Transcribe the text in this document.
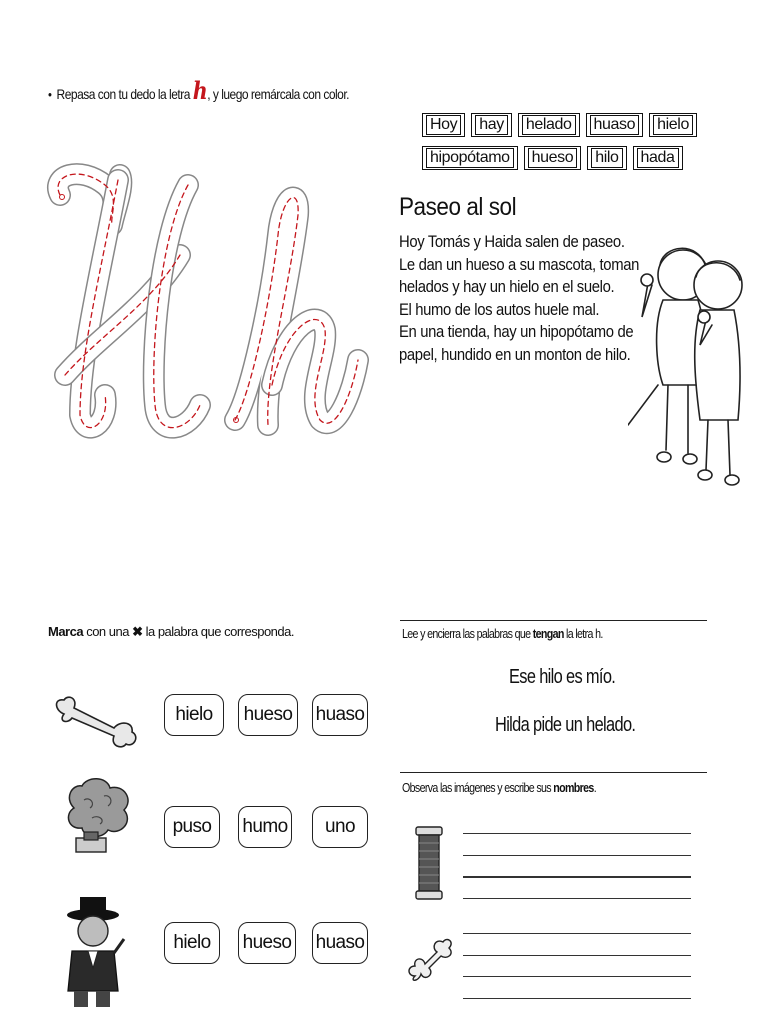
• Repasa con tu dedo la letra h, y luego remárcala con color.
Hoy	hay	helado	huaso	hielo
hipopótamo	hueso	hilo	hada
Paseo al sol
Hoy Tomás y Haida salen de paseo.
Le dan un hueso a su mascota, toman
helados y hay un hielo en el suelo.
El humo de los autos huele mal.
En una tienda, hay un hipopótamo de
papel, hundido en un monton de hilo.
Marca con una ✖ la palabra que corresponda.
hielo	hueso huaso
puso	humo	uno
hielo	hueso huaso
Lee y encierra las palabras que tengan la letra h.
Ese hilo es mío.
Hilda pide un helado.
Observa las imágenes y escribe sus nombres.
